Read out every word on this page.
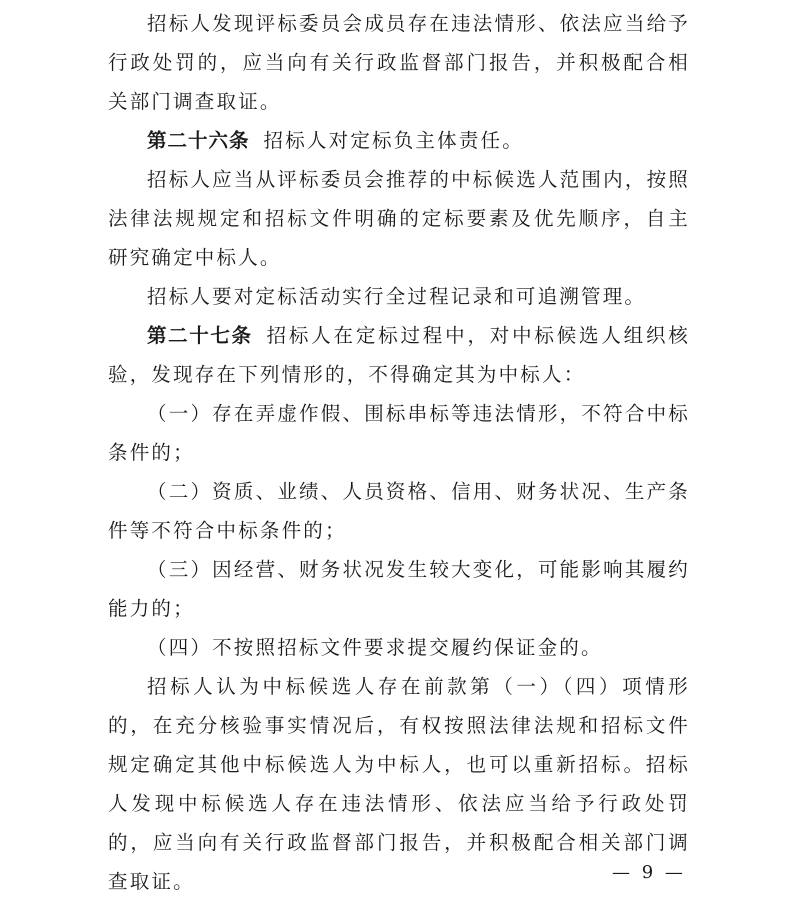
招标人发现评标委员会成员存在违法情形、依法应当给予行政处罚的，应当向有关行政监督部门报告，并积极配合相关部门调查取证。

第二十六条 招标人对定标负主体责任。

招标人应当从评标委员会推荐的中标候选人范围内，按照法律法规规定和招标文件明确的定标要素及优先顺序，自主研究确定中标人。

招标人要对定标活动实行全过程记录和可追溯管理。

第二十七条 招标人在定标过程中，对中标候选人组织核验，发现存在下列情形的，不得确定其为中标人：

（一）存在弄虚作假、围标串标等违法情形，不符合中标条件的；

（二）资质、业绩、人员资格、信用、财务状况、生产条件等不符合中标条件的；

（三）因经营、财务状况发生较大变化，可能影响其履约能力的；

（四）不按照招标文件要求提交履约保证金的。

招标人认为中标候选人存在前款第（一）（四）项情形的，在充分核验事实情况后，有权按照法律法规和招标文件规定确定其他中标候选人为中标人，也可以重新招标。招标人发现中标候选人存在违法情形、依法应当给予行政处罚的，应当向有关行政监督部门报告，并积极配合相关部门调查取证。	— 9 —
